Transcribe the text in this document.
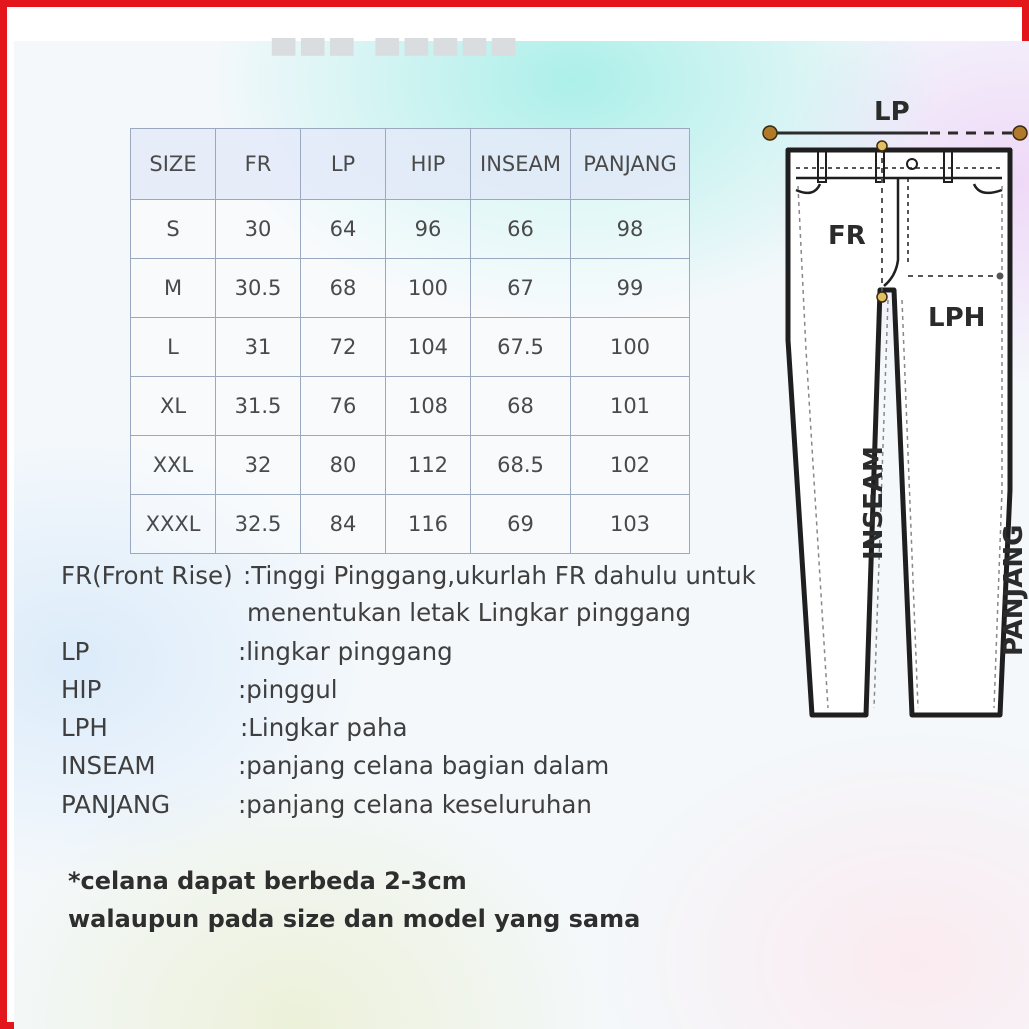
▀▀▀ ▀▀▀▀▀
SIZE	FR	LP	HIP	INSEAM	PANJANG
S	30	64	96	66	98
M	30.5	68	100	67	99
L	31	72	104	67.5	100
XL	31.5	76	108	68	101
XXL	32	80	112	68.5	102
XXXL	32.5	84	116	69	103
FR(Front Rise) :Tinggi Pinggang,ukurlah FR dahulu untuk
menentukan letak Lingkar pinggang
LP	:lingkar pinggang
HIP	:pinggul
LPH	:Lingkar paha
INSEAM	:panjang celana bagian dalam
PANJANG	:panjang celana keseluruhan
*celana dapat berbeda 2-3cm
walaupun pada size dan model yang sama
LP
FR
LPH
INSEAM
PANJANG
